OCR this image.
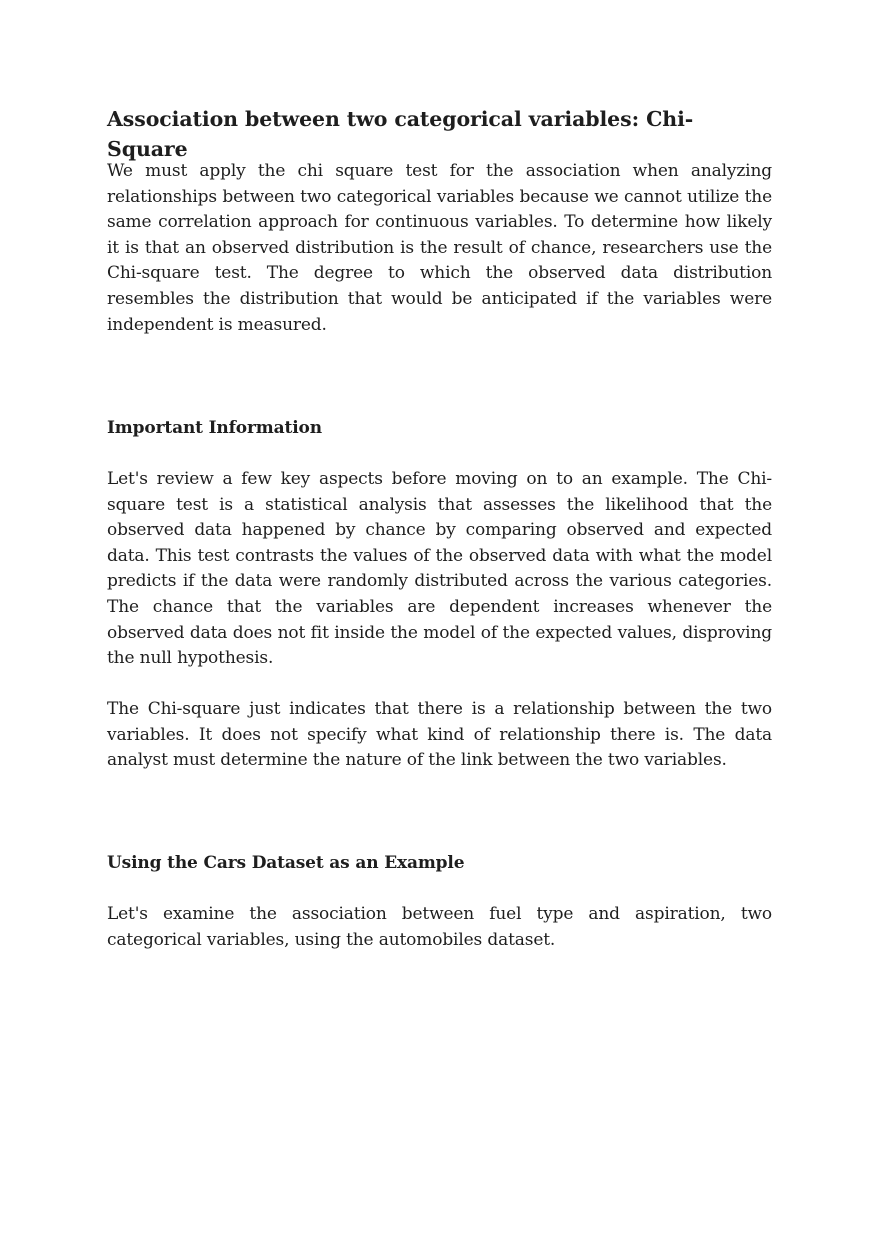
Association between two categorical variables: Chi-Square

We must apply the chi square test for the association when analyzing relationships between two categorical variables because we cannot utilize the same correlation approach for continuous variables. To determine how likely it is that an observed distribution is the result of chance, researchers use the Chi-square test. The degree to which the observed data distribution resembles the distribution that would be anticipated if the variables were independent is measured.

Important Information

Let's review a few key aspects before moving on to an example. The Chi-square test is a statistical analysis that assesses the likelihood that the observed data happened by chance by comparing observed and expected data. This test contrasts the values of the observed data with what the model predicts if the data were randomly distributed across the various categories. The chance that the variables are dependent increases whenever the observed data does not fit inside the model of the expected values, disproving the null hypothesis.

The Chi-square just indicates that there is a relationship between the two variables. It does not specify what kind of relationship there is. The data analyst must determine the nature of the link between the two variables.

Using the Cars Dataset as an Example

Let's examine the association between fuel type and aspiration, two categorical variables, using the automobiles dataset.
